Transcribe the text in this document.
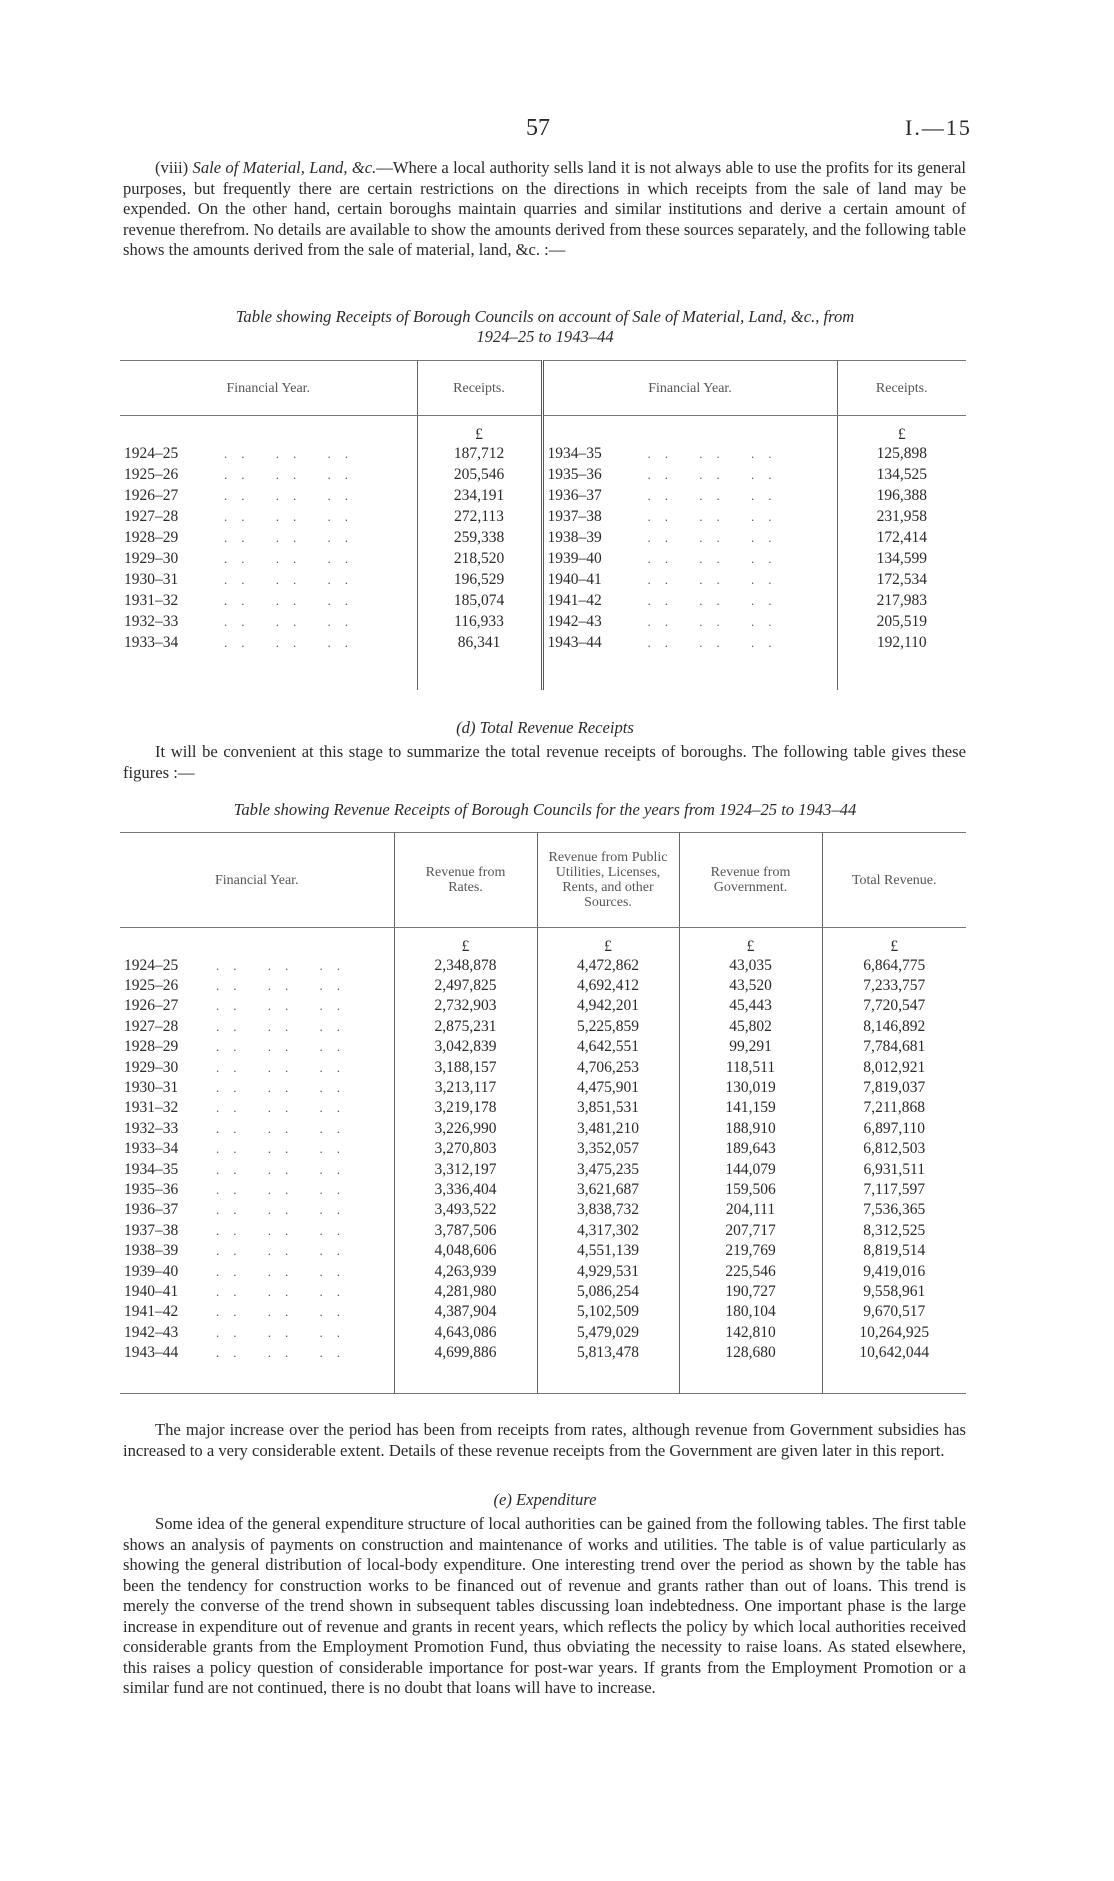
57	I.—15
(viii) Sale of Material, Land, &c.—Where a local authority sells land it is not always able to use the profits for its general purposes, but frequently there are certain restrictions on the directions in which receipts from the sale of land may be expended. On the other hand, certain boroughs maintain quarries and similar institutions and derive a certain amount of revenue therefrom. No details are available to show the amounts derived from these sources separately, and the following table shows the amounts derived from the sale of material, land, &c. :—
Table showing Receipts of Borough Councils on account of Sale of Material, Land, &c., from
1924–25 to 1943–44
Financial Year.	Receipts.	Financial Year.	Receipts.
	£		£
1924–25 .. .. ..	187,712	1934–35 .. .. ..	125,898
1925–26 .. .. ..	205,546	1935–36 .. .. ..	134,525
1926–27 .. .. ..	234,191	1936–37 .. .. ..	196,388
1927–28 .. .. ..	272,113	1937–38 .. .. ..	231,958
1928–29 .. .. ..	259,338	1938–39 .. .. ..	172,414
1929–30 .. .. ..	218,520	1939–40 .. .. ..	134,599
1930–31 .. .. ..	196,529	1940–41 .. .. ..	172,534
1931–32 .. .. ..	185,074	1941–42 .. .. ..	217,983
1932–33 .. .. ..	116,933	1942–43 .. .. ..	205,519
1933–34 .. .. ..	86,341	1943–44 .. .. ..	192,110

(d) Total Revenue Receipts
It will be convenient at this stage to summarize the total revenue receipts of boroughs. The following table gives these figures :—
Table showing Revenue Receipts of Borough Councils for the years from 1924–25 to 1943–44
Financial Year.	Revenue from Rates.	Revenue from Public Utilities, Licenses, Rents, and other Sources.	Revenue from Government.	Total Revenue.
	£	£	£	£
1924–25 .. .. ..	2,348,878	4,472,862	43,035	6,864,775
1925–26 .. .. ..	2,497,825	4,692,412	43,520	7,233,757
1926–27 .. .. ..	2,732,903	4,942,201	45,443	7,720,547
1927–28 .. .. ..	2,875,231	5,225,859	45,802	8,146,892
1928–29 .. .. ..	3,042,839	4,642,551	99,291	7,784,681
1929–30 .. .. ..	3,188,157	4,706,253	118,511	8,012,921
1930–31 .. .. ..	3,213,117	4,475,901	130,019	7,819,037
1931–32 .. .. ..	3,219,178	3,851,531	141,159	7,211,868
1932–33 .. .. ..	3,226,990	3,481,210	188,910	6,897,110
1933–34 .. .. ..	3,270,803	3,352,057	189,643	6,812,503
1934–35 .. .. ..	3,312,197	3,475,235	144,079	6,931,511
1935–36 .. .. ..	3,336,404	3,621,687	159,506	7,117,597
1936–37 .. .. ..	3,493,522	3,838,732	204,111	7,536,365
1937–38 .. .. ..	3,787,506	4,317,302	207,717	8,312,525
1938–39 .. .. ..	4,048,606	4,551,139	219,769	8,819,514
1939–40 .. .. ..	4,263,939	4,929,531	225,546	9,419,016
1940–41 .. .. ..	4,281,980	5,086,254	190,727	9,558,961
1941–42 .. .. ..	4,387,904	5,102,509	180,104	9,670,517
1942–43 .. .. ..	4,643,086	5,479,029	142,810	10,264,925
1943–44 .. .. ..	4,699,886	5,813,478	128,680	10,642,044

The major increase over the period has been from receipts from rates, although revenue from Government subsidies has increased to a very considerable extent. Details of these revenue receipts from the Government are given later in this report.
(e) Expenditure
Some idea of the general expenditure structure of local authorities can be gained from the following tables. The first table shows an analysis of payments on construction and maintenance of works and utilities. The table is of value particularly as showing the general distribution of local-body expenditure. One interesting trend over the period as shown by the table has been the tendency for construction works to be financed out of revenue and grants rather than out of loans. This trend is merely the converse of the trend shown in subsequent tables discussing loan indebtedness. One important phase is the large increase in expenditure out of revenue and grants in recent years, which reflects the policy by which local authorities received considerable grants from the Employment Promotion Fund, thus obviating the necessity to raise loans. As stated elsewhere, this raises a policy question of considerable importance for post-war years. If grants from the Employment Promotion or a similar fund are not continued, there is no doubt that loans will have to increase.
